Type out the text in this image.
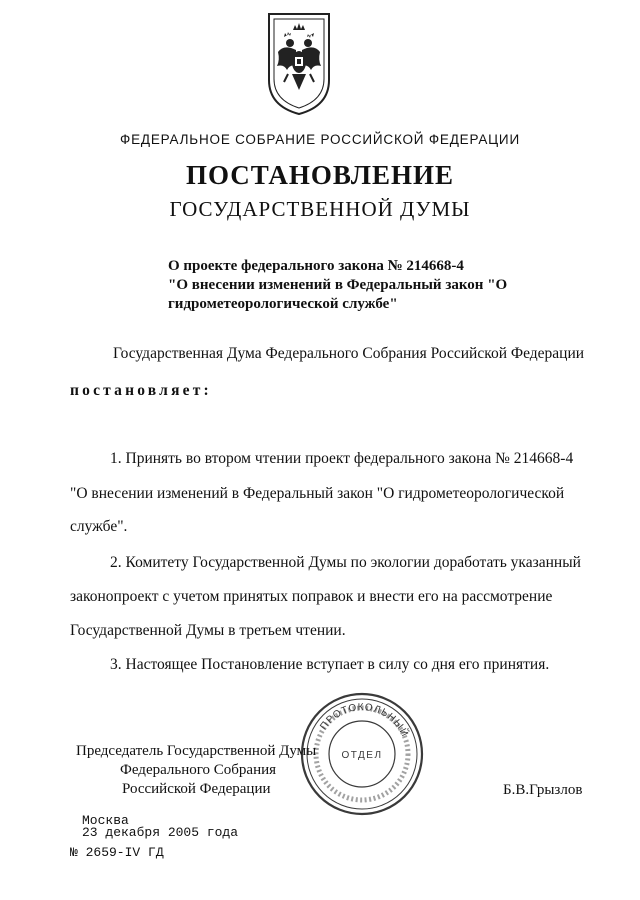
ФЕДЕРАЛЬНОЕ СОБРАНИЕ РОССИЙСКОЙ ФЕДЕРАЦИИ
ПОСТАНОВЛЕНИЕ
ГОСУДАРСТВЕННОЙ ДУМЫ
О проекте федерального закона № 214668-4
"О внесении изменений в Федеральный закон "О
гидрометеорологической службе"
Государственная Дума Федерального Собрания Российской Федерации
постановляет:
1. Принять во втором чтении проект федерального закона № 214668-4
"О внесении изменений в Федеральный закон "О гидрометеорологической
службе".
2. Комитету Государственной Думы по экологии доработать указанный
законопроект с учетом принятых поправок и внести его на рассмотрение
Государственной Думы в третьем чтении.
3. Настоящее Постановление вступает в силу со дня его принятия.
ПРОТОКОЛЬНЫЙ
ОТДЕЛ
Председатель Государственной Думы
Федерального Собрания
Российской Федерации	Б.В.Грызлов
Москва
23 декабря 2005 года
№ 2659-IV ГД
